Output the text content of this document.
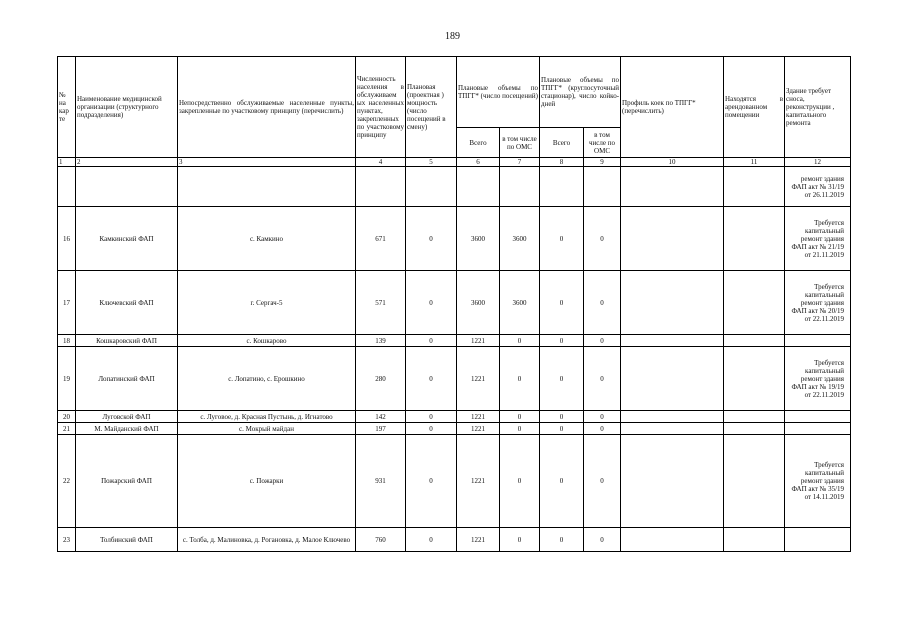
189
№ на кар те	Наименование медицинской организации (структурного подразделения)	Непосредственно обслуживаемые населенные пункты, закрепленные по участковому принципу (перечислить)	Численность населения в обслуживаем ых населенных пунктах, закрепленных по участковому принципу	Плановая (проектная ) мощность (число посещений в смену)	Плановые объемы по ТПГГ* (число посещений)		Плановые объемы по ТПГГ* (круглосуточный стационар), число койко-дней		Профиль коек по ТПГГ* (перечислить)	Находятся в арендованном помещении	Здание требует сноса, реконструкции , капитального ремонта
					Всего	в том числе по ОМС	Всего	в том числе по ОМС			
1	2	3	4	5	6	7	8	9	10	11	12
											ремонт здания ФАП акт № 31/19 от 26.11.2019
16	Камкинский ФАП	с. Камкино	671	0	3600	3600	0	0			Требуется капитальный ремонт здания ФАП акт № 21/19 от 21.11.2019
17	Ключевский ФАП	г. Сергач-5	571	0	3600	3600	0	0			Требуется капитальный ремонт здания ФАП акт № 20/19 от 22.11.2019
18	Кошкаровский ФАП	с. Кошкарово	139	0	1221	0	0	0			
19	Лопатинский ФАП	с. Лопатино, с. Ерошкино	280	0	1221	0	0	0			Требуется капитальный ремонт здания ФАП акт № 19/19 от 22.11.2019
20	Луговской ФАП	с. Луговое, д. Красная Пустынь, д. Игнатово	142	0	1221	0	0	0			
21	М. Майданский ФАП	с. Мокрый майдан	197	0	1221	0	0	0			
22	Пожарский ФАП	с. Пожарки	931	0	1221	0	0	0			Требуется капитальный ремонт здания ФАП акт № 35/19 от 14.11.2019
23	Толбинский ФАП	с. Толба, д. Малиновка, д. Рогановка, д. Малое Ключево	760	0	1221	0	0	0			
